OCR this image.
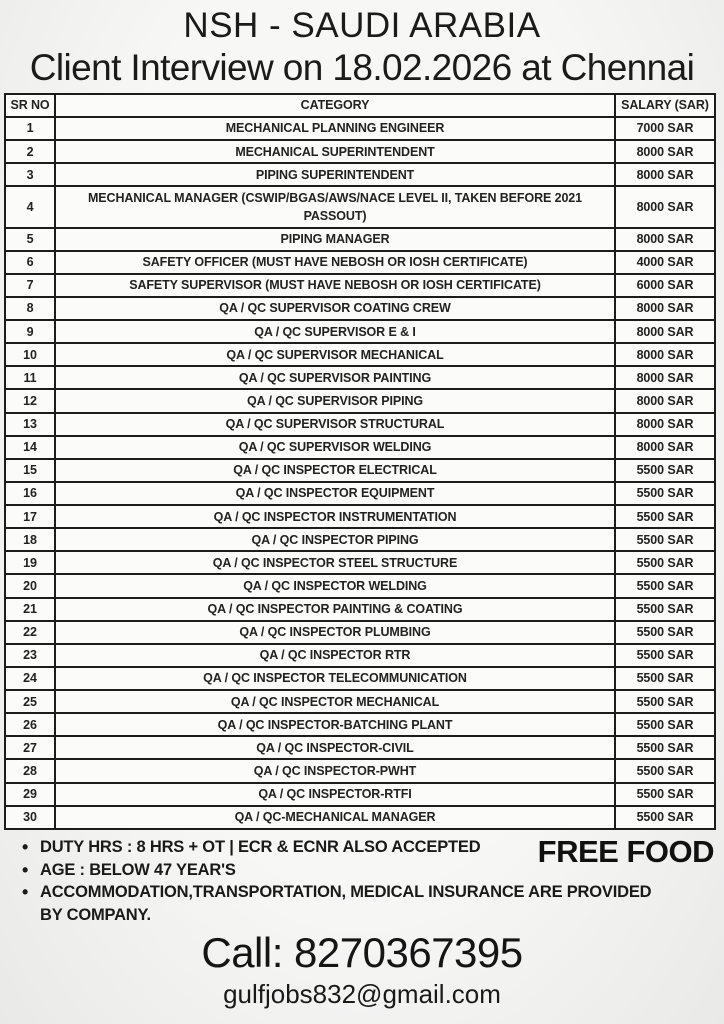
NSH - SAUDI ARABIA
Client Interview on 18.02.2026 at Chennai
SR NO	CATEGORY	SALARY (SAR)
1	MECHANICAL PLANNING ENGINEER	7000 SAR
2	MECHANICAL SUPERINTENDENT	8000 SAR
3	PIPING SUPERINTENDENT	8000 SAR
4	MECHANICAL MANAGER (CSWIP/BGAS/AWS/NACE LEVEL II, TAKEN BEFORE 2021 PASSOUT)	8000 SAR
5	PIPING MANAGER	8000 SAR
6	SAFETY OFFICER (MUST HAVE NEBOSH OR IOSH CERTIFICATE)	4000 SAR
7	SAFETY SUPERVISOR (MUST HAVE NEBOSH OR IOSH CERTIFICATE)	6000 SAR
8	QA / QC SUPERVISOR COATING CREW	8000 SAR
9	QA / QC SUPERVISOR E & I	8000 SAR
10	QA / QC SUPERVISOR MECHANICAL	8000 SAR
11	QA / QC SUPERVISOR PAINTING	8000 SAR
12	QA / QC SUPERVISOR PIPING	8000 SAR
13	QA / QC SUPERVISOR STRUCTURAL	8000 SAR
14	QA / QC SUPERVISOR WELDING	8000 SAR
15	QA / QC INSPECTOR ELECTRICAL	5500 SAR
16	QA / QC INSPECTOR EQUIPMENT	5500 SAR
17	QA / QC INSPECTOR INSTRUMENTATION	5500 SAR
18	QA / QC INSPECTOR PIPING	5500 SAR
19	QA / QC INSPECTOR STEEL STRUCTURE	5500 SAR
20	QA / QC INSPECTOR WELDING	5500 SAR
21	QA / QC INSPECTOR PAINTING & COATING	5500 SAR
22	QA / QC INSPECTOR PLUMBING	5500 SAR
23	QA / QC INSPECTOR RTR	5500 SAR
24	QA / QC INSPECTOR TELECOMMUNICATION	5500 SAR
25	QA / QC INSPECTOR MECHANICAL	5500 SAR
26	QA / QC INSPECTOR-BATCHING PLANT	5500 SAR
27	QA / QC INSPECTOR-CIVIL	5500 SAR
28	QA / QC INSPECTOR-PWHT	5500 SAR
29	QA / QC INSPECTOR-RTFI	5500 SAR
30	QA / QC-MECHANICAL MANAGER	5500 SAR
• DUTY HRS : 8 HRS + OT | ECR & ECNR ALSO ACCEPTED
• AGE : BELOW 47 YEAR'S
• ACCOMMODATION,TRANSPORTATION, MEDICAL INSURANCE ARE PROVIDED BY COMPANY.
FREE FOOD
Call: 8270367395
gulfjobs832@gmail.com
